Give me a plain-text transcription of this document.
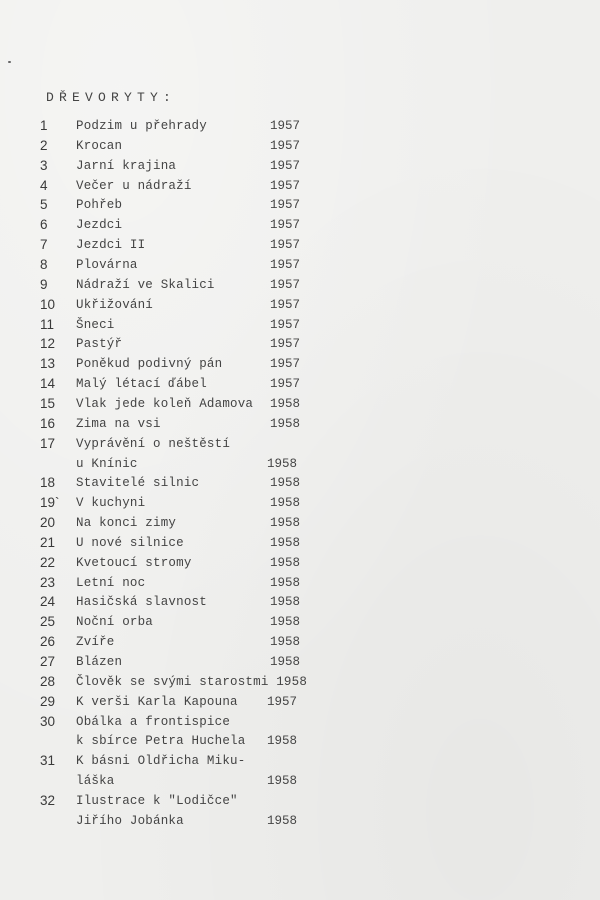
DŘEVORYTY:
1	Podzim u přehrady	1957
2	Krocan	1957
3	Jarní krajina	1957
4	Večer u nádraží	1957
5	Pohřeb	1957
6	Jezdci	1957
7	Jezdci II	1957
8	Plovárna	1957
9	Nádraží ve Skalici	1957
10	Ukřižování	1957
11	Šneci	1957
12	Pastýř	1957
13	Poněkud podivný pán	1957
14	Malý létací ďábel	1957
15	Vlak jede koleň Adamova 1958
16	Zima na vsi	1958
17	Vyprávění o neštěstí
u Knínic	1958
18	Stavitelé silnic	1958
19`	V kuchyni	1958
20	Na konci zimy	1958
21	U nové silnice	1958
22	Kvetoucí stromy	1958
23	Letní noc	1958
24	Hasičská slavnost	1958
25	Noční orba	1958
26	Zvíře	1958
27	Blázen	1958
28	Člověk se svými starostmi 1958
29	K verši Karla Kapouna 1957
30	Obálka a frontispice
k sbírce Petra Huchela 1958
31	K básni Oldřicha Miku-
láška	1958
32	Ilustrace k "Lodičce"
Jiřího Jobánka	1958
